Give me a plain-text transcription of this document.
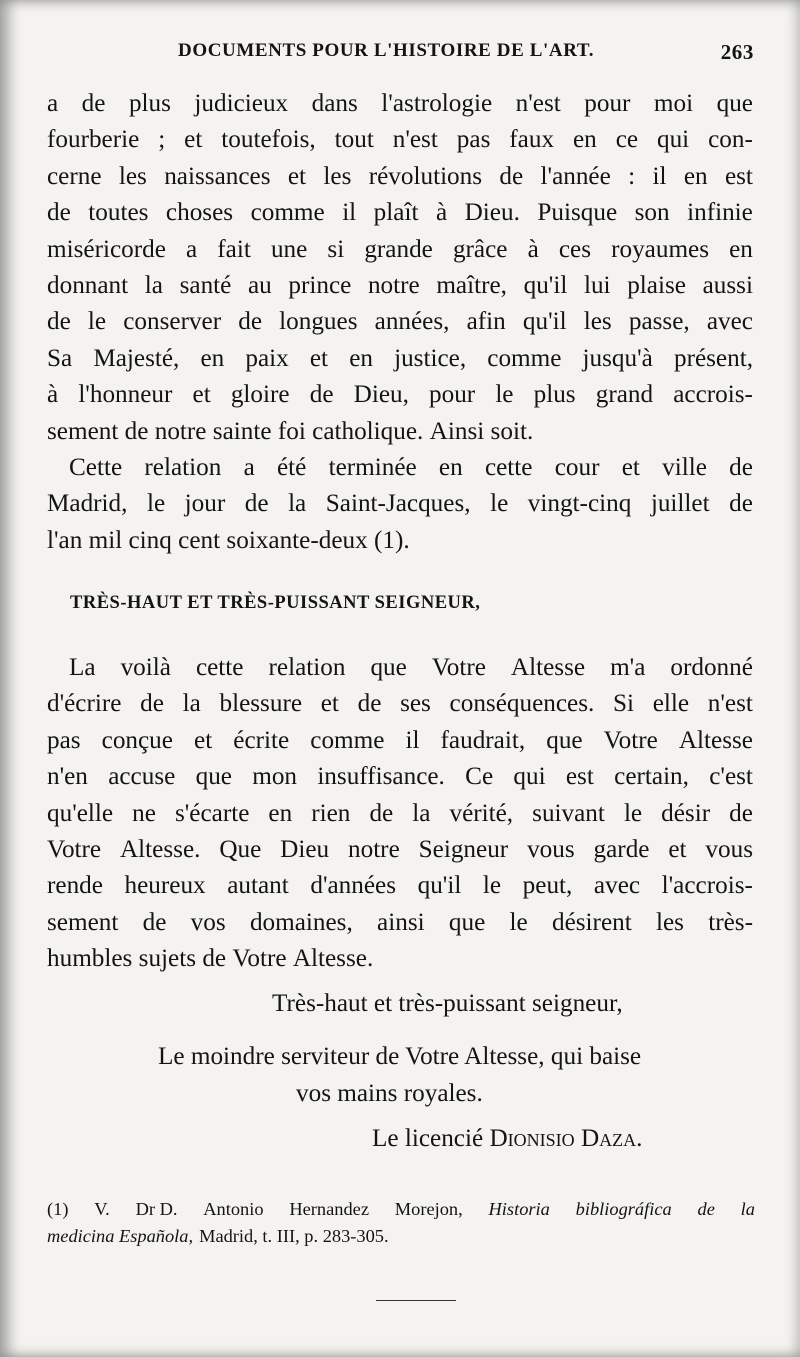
DOCUMENTS POUR L'HISTOIRE DE L'ART.	263
a de plus judicieux dans l'astrologie n'est pour moi que
fourberie ; et toutefois, tout n'est pas faux en ce qui con-
cerne les naissances et les révolutions de l'année : il en est
de toutes choses comme il plaît à Dieu. Puisque son infinie
miséricorde a fait une si grande grâce à ces royaumes en
donnant la santé au prince notre maître, qu'il lui plaise aussi
de le conserver de longues années, afin qu'il les passe, avec
Sa Majesté, en paix et en justice, comme jusqu'à présent,
à l'honneur et gloire de Dieu, pour le plus grand accrois-
sement de notre sainte foi catholique. Ainsi soit.
Cette relation a été terminée en cette cour et ville de
Madrid, le jour de la Saint-Jacques, le vingt-cinq juillet de
l'an mil cinq cent soixante-deux (1).
TRÈS-HAUT ET TRÈS-PUISSANT SEIGNEUR,
La voilà cette relation que Votre Altesse m'a ordonné
d'écrire de la blessure et de ses conséquences. Si elle n'est
pas conçue et écrite comme il faudrait, que Votre Altesse
n'en accuse que mon insuffisance. Ce qui est certain, c'est
qu'elle ne s'écarte en rien de la vérité, suivant le désir de
Votre Altesse. Que Dieu notre Seigneur vous garde et vous
rende heureux autant d'années qu'il le peut, avec l'accrois-
sement de vos domaines, ainsi que le désirent les très-
humbles sujets de Votre Altesse.
Très-haut et très-puissant seigneur,
Le moindre serviteur de Votre Altesse, qui baise
vos mains royales.
Le licencié Dionisio Daza.
(1) V. Dr D. Antonio Hernandez Morejon, Historia bibliográfica de la
medicina Española, Madrid, t. III, p. 283-305.
